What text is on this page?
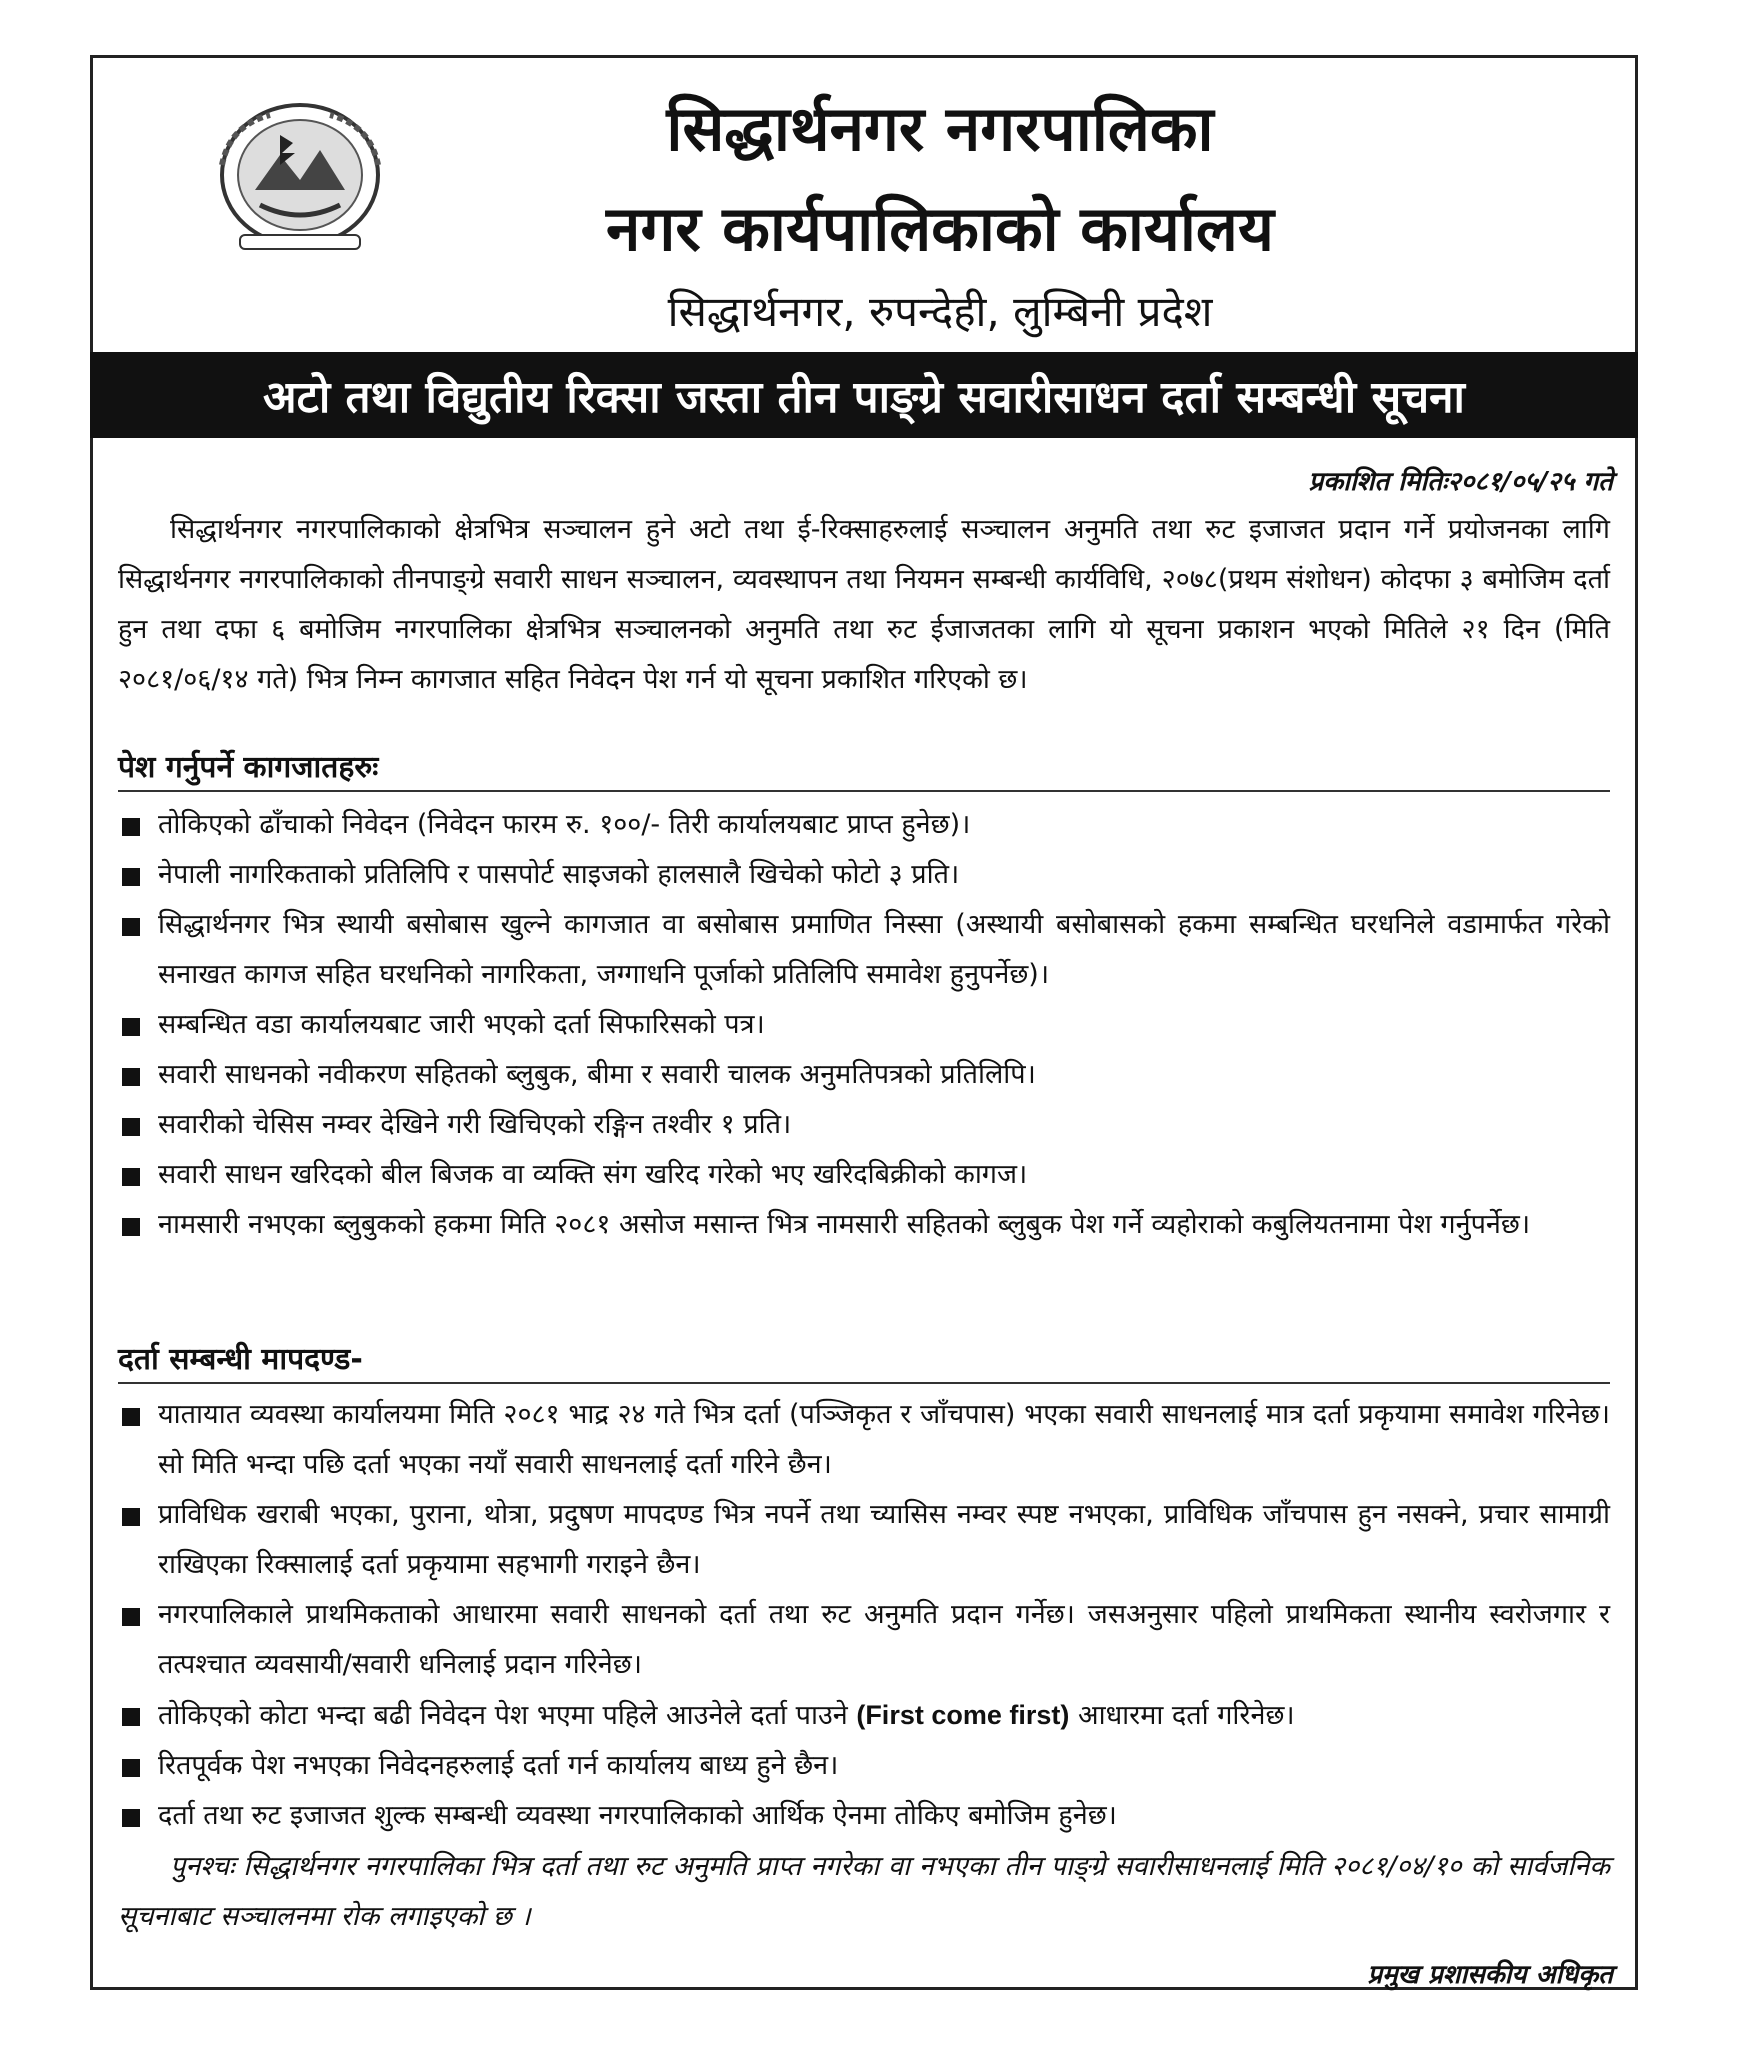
सिद्धार्थनगर नगरपालिका
नगर कार्यपालिकाको कार्यालय
सिद्धार्थनगर, रुपन्देही, लुम्बिनी प्रदेश
अटो तथा विद्युतीय रिक्सा जस्ता तीन पाङ्ग्रे सवारीसाधन दर्ता सम्बन्धी सूचना
प्रकाशित मितिः२०८१/०५/२५ गते
सिद्धार्थनगर नगरपालिकाको क्षेत्रभित्र सञ्चालन हुने अटो तथा ई-रिक्साहरुलाई सञ्चालन अनुमति तथा रुट इजाजत प्रदान गर्ने प्रयोजनका लागि सिद्धार्थनगर नगरपालिकाको तीनपाङ्ग्रे सवारी साधन सञ्चालन, व्यवस्थापन तथा नियमन सम्बन्धी कार्यविधि, २०७८(प्रथम संशोधन) कोदफा ३ बमोजिम दर्ता हुन तथा दफा ६ बमोजिम नगरपालिका क्षेत्रभित्र सञ्चालनको अनुमति तथा रुट ईजाजतका लागि यो सूचना प्रकाशन भएको मितिले २१ दिन (मिति २०८१/०६/१४ गते) भित्र निम्न कागजात सहित निवेदन पेश गर्न यो सूचना प्रकाशित गरिएको छ।
पेश गर्नुपर्ने कागजातहरुः
तोकिएको ढाँचाको निवेदन (निवेदन फारम रु. १००/- तिरी कार्यालयबाट प्राप्त हुनेछ)।
नेपाली नागरिकताको प्रतिलिपि र पासपोर्ट साइजको हालसालै खिचेको फोटो ३ प्रति।
सिद्धार्थनगर भित्र स्थायी बसोबास खुल्ने कागजात वा बसोबास प्रमाणित निस्सा (अस्थायी बसोबासको हकमा सम्बन्धित घरधनिले वडामार्फत गरेको सनाखत कागज सहित घरधनिको नागरिकता, जग्गाधनि पूर्जाको प्रतिलिपि समावेश हुनुपर्नेछ)।
सम्बन्धित वडा कार्यालयबाट जारी भएको दर्ता सिफारिसको पत्र।
सवारी साधनको नवीकरण सहितको ब्लुबुक, बीमा र सवारी चालक अनुमतिपत्रको प्रतिलिपि।
सवारीको चेसिस नम्वर देखिने गरी खिचिएको रङ्गिन तश्वीर १ प्रति।
सवारी साधन खरिदको बील बिजक वा व्यक्ति संग खरिद गरेको भए खरिदबिक्रीको कागज।
नामसारी नभएका ब्लुबुकको हकमा मिति २०८१ असोज मसान्त भित्र नामसारी सहितको ब्लुबुक पेश गर्ने व्यहोराको कबुलियतनामा पेश गर्नुपर्नेछ।
दर्ता सम्बन्धी मापदण्ड-
यातायात व्यवस्था कार्यालयमा मिति २०८१ भाद्र २४ गते भित्र दर्ता (पञ्जिकृत र जाँचपास) भएका सवारी साधनलाई मात्र दर्ता प्रकृयामा समावेश गरिनेछ। सो मिति भन्दा पछि दर्ता भएका नयाँ सवारी साधनलाई दर्ता गरिने छैन।
प्राविधिक खराबी भएका, पुराना, थोत्रा, प्रदुषण मापदण्ड भित्र नपर्ने तथा च्यासिस नम्वर स्पष्ट नभएका, प्राविधिक जाँचपास हुन नसक्ने, प्रचार सामाग्री राखिएका रिक्सालाई दर्ता प्रकृयामा सहभागी गराइने छैन।
नगरपालिकाले प्राथमिकताको आधारमा सवारी साधनको दर्ता तथा रुट अनुमति प्रदान गर्नेछ। जसअनुसार पहिलो प्राथमिकता स्थानीय स्वरोजगार र तत्पश्चात व्यवसायी/सवारी धनिलाई प्रदान गरिनेछ।
तोकिएको कोटा भन्दा बढी निवेदन पेश भएमा पहिले आउनेले दर्ता पाउने (First come first) आधारमा दर्ता गरिनेछ।
रितपूर्वक पेश नभएका निवेदनहरुलाई दर्ता गर्न कार्यालय बाध्य हुने छैन।
दर्ता तथा रुट इजाजत शुल्क सम्बन्धी व्यवस्था नगरपालिकाको आर्थिक ऐनमा तोकिए बमोजिम हुनेछ।
पुनश्चः सिद्धार्थनगर नगरपालिका भित्र दर्ता तथा रुट अनुमति प्राप्त नगरेका वा नभएका तीन पाङ्ग्रे सवारीसाधनलाई मिति २०८१/०४/१० को सार्वजनिक सूचनाबाट सञ्चालनमा रोक लगाइएको छ ।
प्रमुख प्रशासकीय अधिकृत
